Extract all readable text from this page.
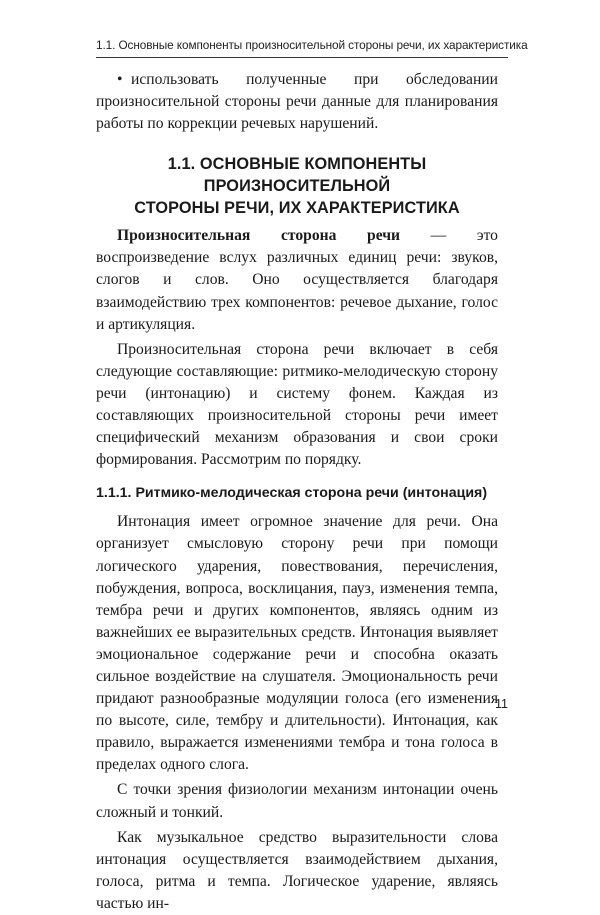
1.1. Основные компоненты произносительной стороны речи, их характеристика

• использовать полученные при обследовании произносительной стороны речи данные для планирования работы по коррекции речевых нарушений.

1.1. ОСНОВНЫЕ КОМПОНЕНТЫ ПРОИЗНОСИТЕЛЬНОЙ
СТОРОНЫ РЕЧИ, ИХ ХАРАКТЕРИСТИКА

Произносительная сторона речи — это воспроизведение вслух различных единиц речи: звуков, слогов и слов. Оно осуществляется благодаря взаимодействию трех компонентов: речевое дыхание, голос и артикуляция.

Произносительная сторона речи включает в себя следующие составляющие: ритмико-мелодическую сторону речи (интонацию) и систему фонем. Каждая из составляющих произносительной стороны речи имеет специфический механизм образования и свои сроки формирования. Рассмотрим по порядку.

1.1.1. Ритмико-мелодическая сторона речи (интонация)

Интонация имеет огромное значение для речи. Она организует смысловую сторону речи при помощи логического ударения, повествования, перечисления, побуждения, вопроса, восклицания, пауз, изменения темпа, тембра речи и других компонентов, являясь одним из важнейших ее выразительных средств. Интонация выявляет эмоциональное содержание речи и способна оказать сильное воздействие на слушателя. Эмоциональность речи придают разнообразные модуляции голоса (его изменения по высоте, силе, тембру и длительности). Интонация, как правило, выражается изменениями тембра и тона голоса в пределах одного слога.

С точки зрения физиологии механизм интонации очень сложный и тонкий.

Как музыкальное средство выразительности слова интонация осуществляется взаимодействием дыхания, голоса, ритма и темпа. Логическое ударение, являясь частью ин-

11
